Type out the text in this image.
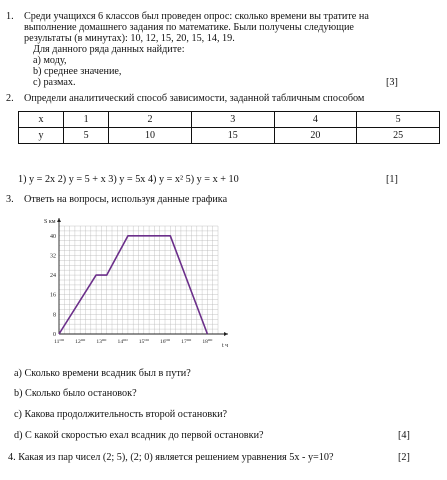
1. Среди учащихся 6 классов был проведен опрос: сколько времени вы тратите на
выполнение домашнего задания по математике. Были получены следующие
результаты (в минутах): 10, 12, 15, 20, 15, 14, 19.
Для данного ряда данных найдите:
a) моду,
b) среднее значение,
c) размах.	[3]
2. Определи аналитический способ зависимости, заданной табличным способом
x	1	2	3	4	5
y	5	10	15	20	25
1) y = 2x 2) y = 5 + x 3) y = 5x 4) y = x² 5) y = x + 10	[1]
3. Ответь на вопросы, используя данные графика
S км
t ч
0
8
16
24
32
40
11⁰⁰ 12⁰⁰ 13⁰⁰ 14⁰⁰ 15⁰⁰ 16⁰⁰ 17⁰⁰ 18⁰⁰
a) Сколько времени всадник был в пути?
b) Сколько было остановок?
c) Какова продолжительность второй остановки?
d) С какой скоростью ехал всадник до первой остановки?	[4]
4. Какая из пар чисел (2; 5), (2; 0) является решением уравнения 5x - y=10?	[2]
